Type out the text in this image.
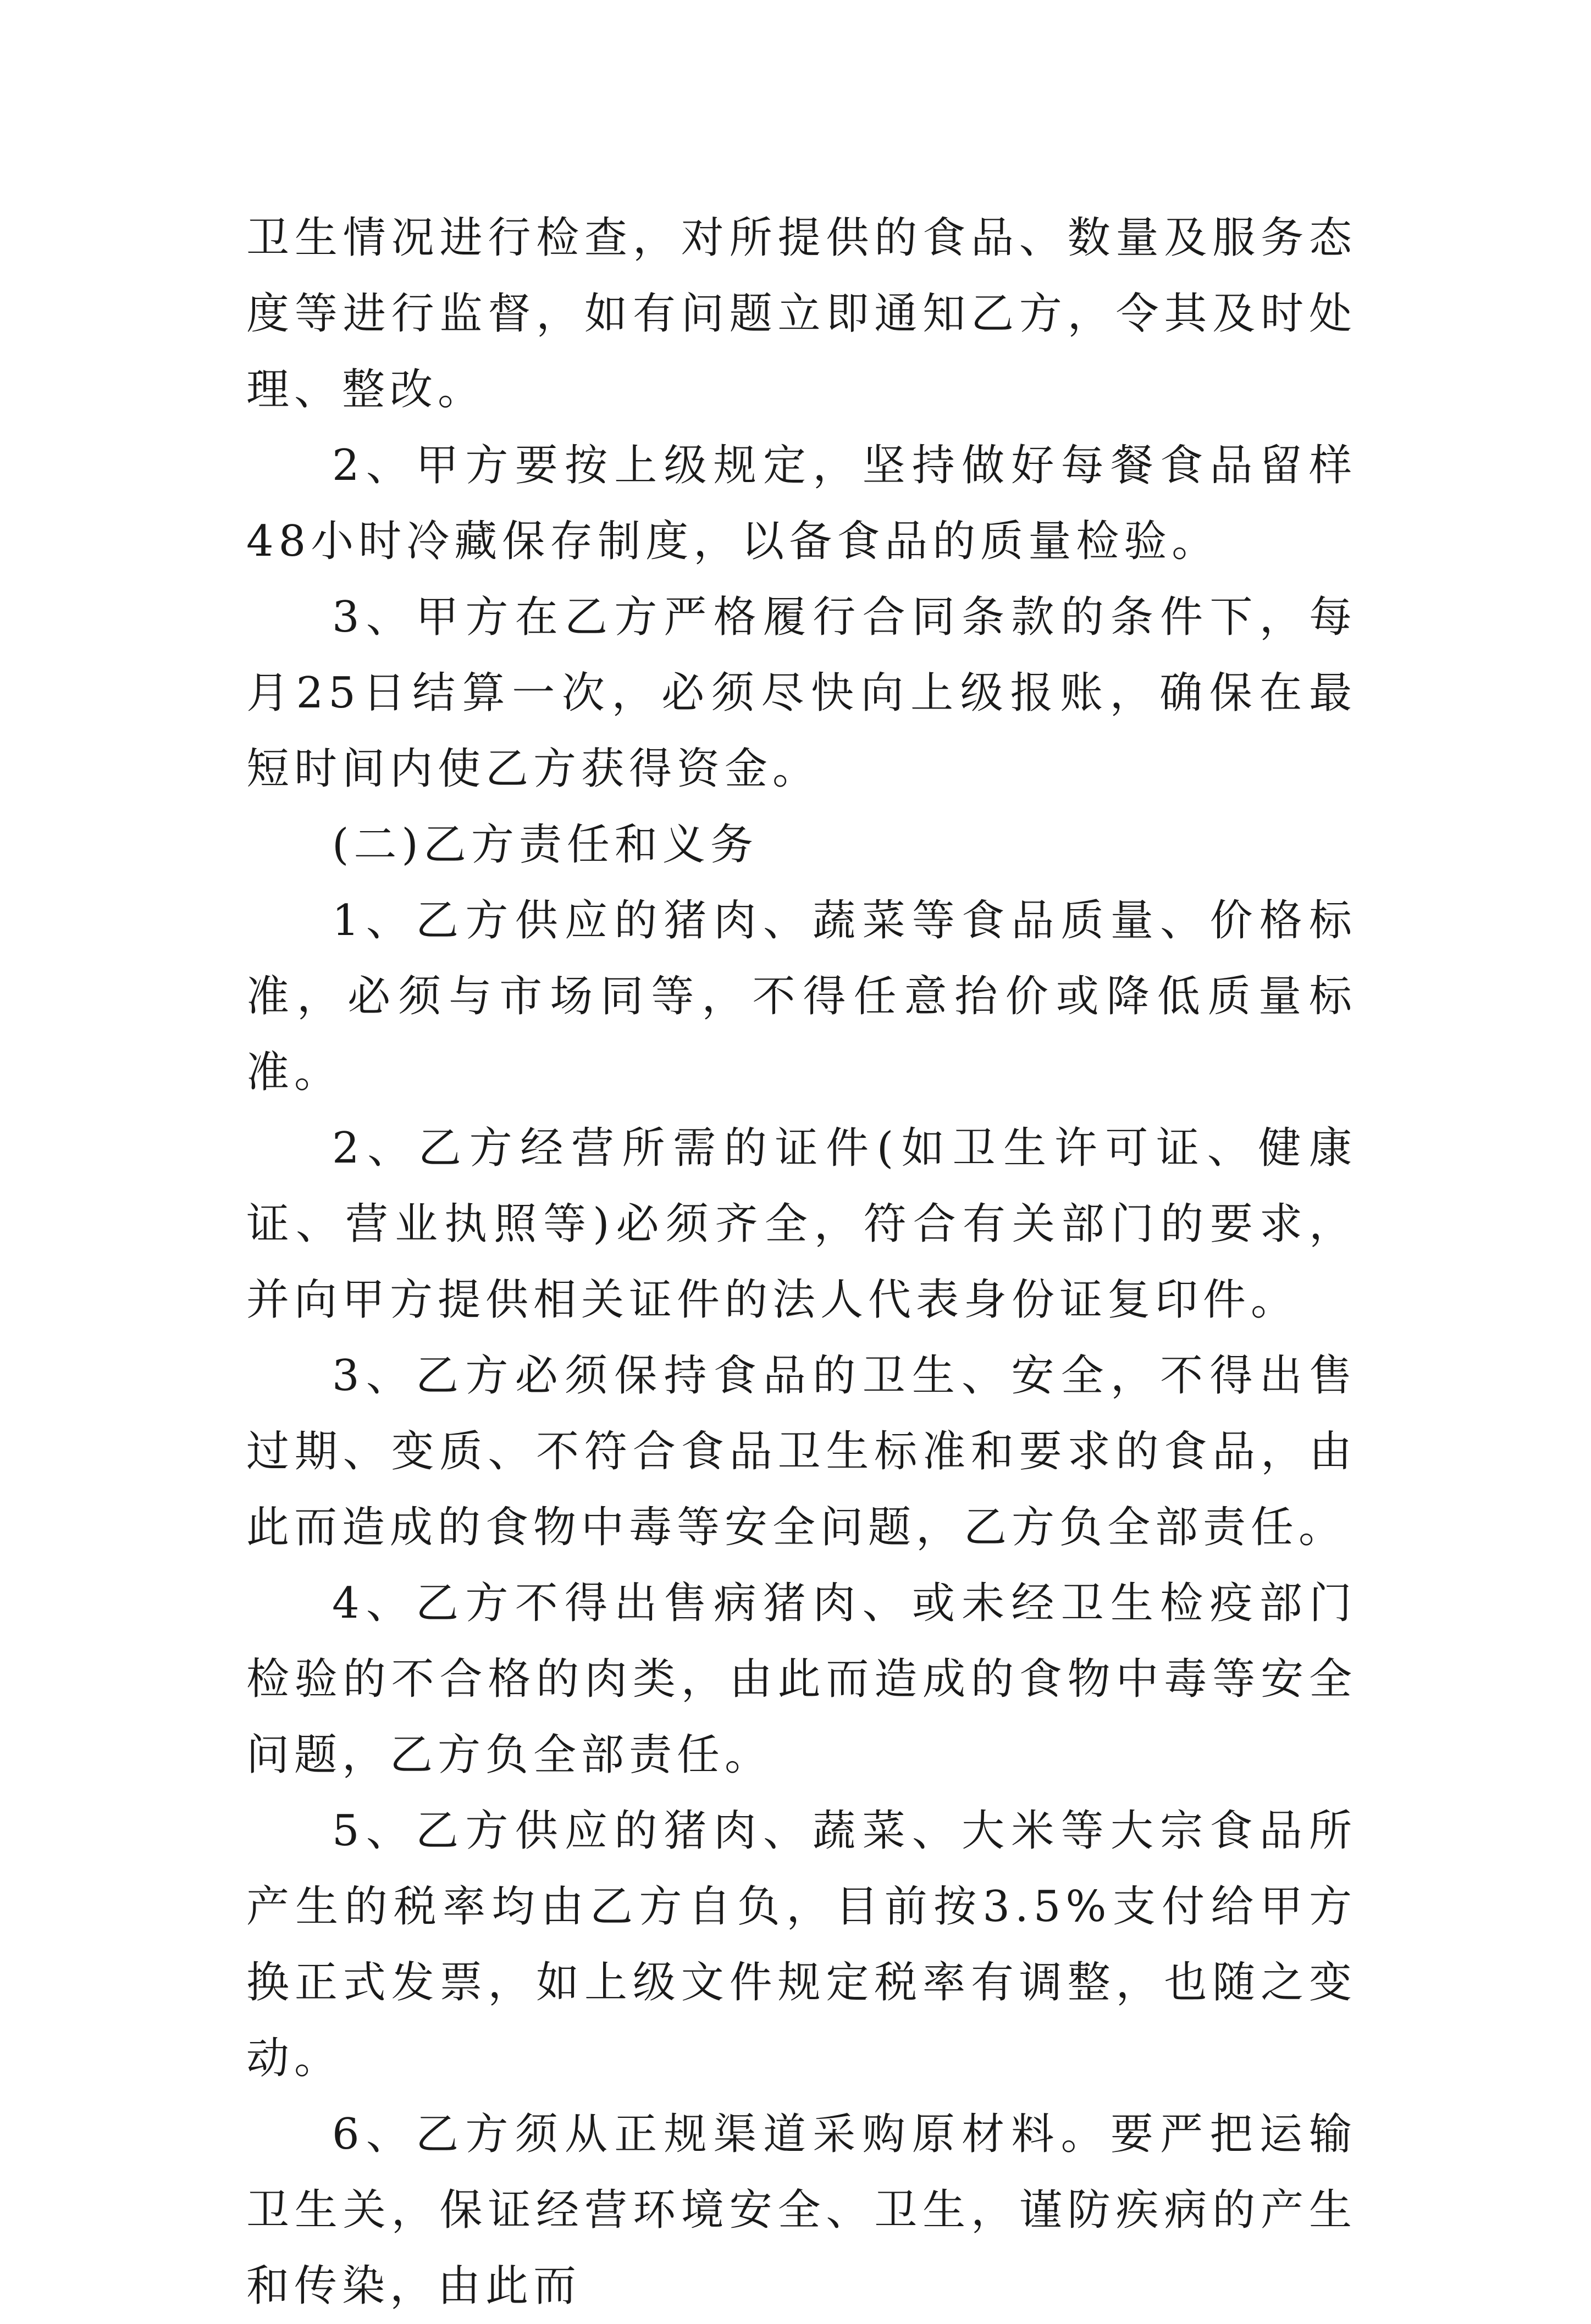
卫生情况进行检查，对所提供的食品、数量及服务态度等进行监督，如有问题立即通知乙方，令其及时处理、整改。

2、甲方要按上级规定，坚持做好每餐食品留样48小时冷藏保存制度，以备食品的质量检验。

3、甲方在乙方严格履行合同条款的条件下，每月25日结算一次，必须尽快向上级报账，确保在最短时间内使乙方获得资金。

(二)乙方责任和义务

1、乙方供应的猪肉、蔬菜等食品质量、价格标准，必须与市场同等，不得任意抬价或降低质量标准。

2、乙方经营所需的证件(如卫生许可证、健康证、营业执照等)必须齐全，符合有关部门的要求，并向甲方提供相关证件的法人代表身份证复印件。

3、乙方必须保持食品的卫生、安全，不得出售过期、变质、不符合食品卫生标准和要求的食品，由此而造成的食物中毒等安全问题，乙方负全部责任。

4、乙方不得出售病猪肉、或未经卫生检疫部门检验的不合格的肉类，由此而造成的食物中毒等安全问题，乙方负全部责任。

5、乙方供应的猪肉、蔬菜、大米等大宗食品所产生的税率均由乙方自负，目前按3.5%支付给甲方换正式发票，如上级文件规定税率有调整，也随之变动。

6、乙方须从正规渠道采购原材料。要严把运输卫生关，保证经营环境安全、卫生，谨防疾病的产生和传染，由此而
